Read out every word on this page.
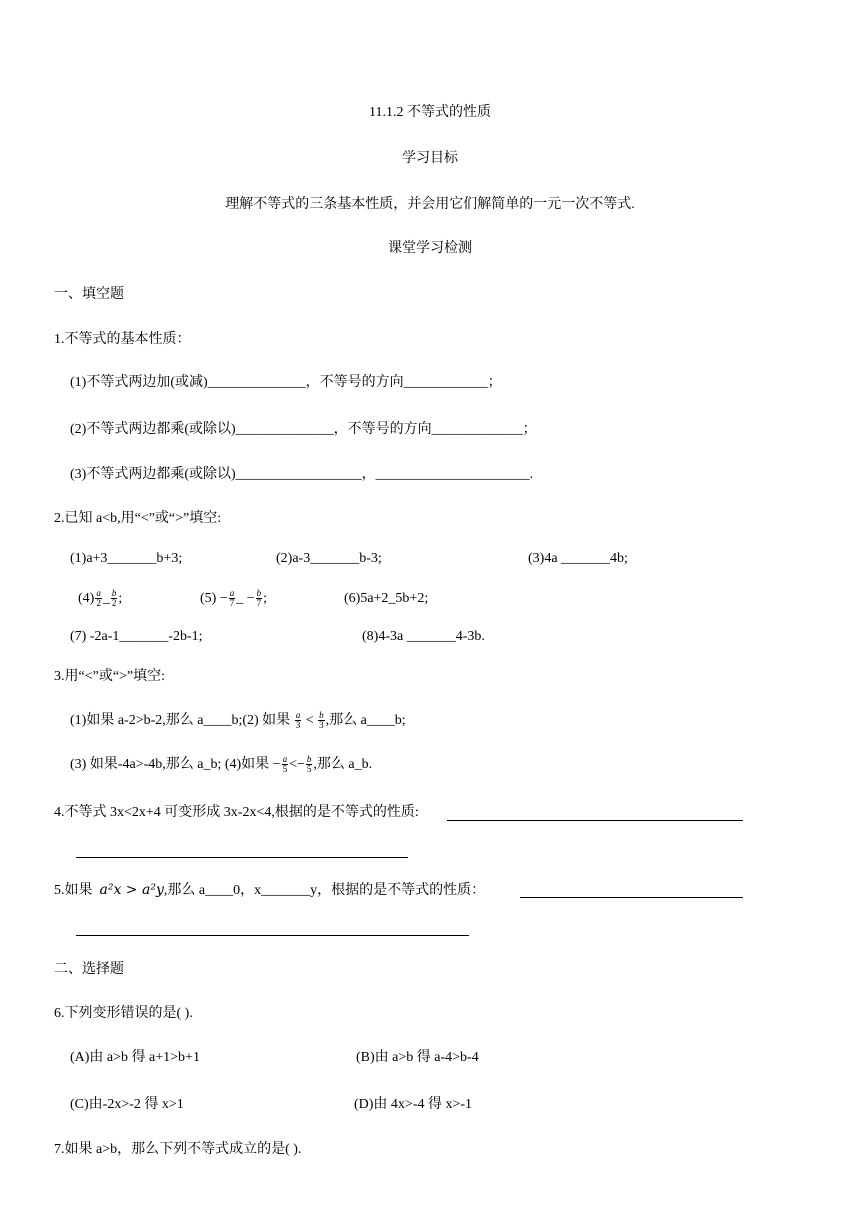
11.1.2 不等式的性质
学习目标
理解不等式的三条基本性质，并会用它们解简单的一元一次不等式.
课堂学习检测
一、填空题
1.不等式的基本性质：
(1)不等式两边加(或减)______________，不等号的方向____________；
(2)不等式两边都乘(或除以)______________，不等号的方向_____________；
(3)不等式两边都乘(或除以)__________________，______________________.
2.已知 a<b,用“<”或“>”填空:
(1)a+3_______b+3;	(2)a-3_______b-3;	(3)4a _______4b;
$(4) \frac{a}{2}$ _ $\frac{b}{2}$ ;	$(5) - \frac{a}{7}$ _ − $\frac{b}{7}$ ;	(6)5a+2_5b+2;
(7) -2a-1_______-2b-1;	(8)4-3a _______4-3b.
3.用“<”或“>”填空:
(1)如果 a-2>b-2,那么 a____b;(2) 如果 $\frac{a}{3} < \frac{b}{3}$ ,那么 a____b;
(3) 如果-4a>-4b,那么 a_b; (4)如果 − $\frac{a}{5} <- \frac{b}{5}$ ,那么 a_b.
4.不等式 3x<2x+4 可变形成 3x-2x<4,根据的是不等式的性质:
5.如果 a²x > a²y,那么 a____0，x_______y，根据的是不等式的性质：
二、选择题
6.下列变形错误的是( ).
(A)由 a>b 得 a+1>b+1	(B)由 a>b 得 a-4>b-4
(C)由-2x>-2 得 x>1	(D)由 4x>-4 得 x>-1
7.如果 a>b，那么下列不等式成立的是( ).
